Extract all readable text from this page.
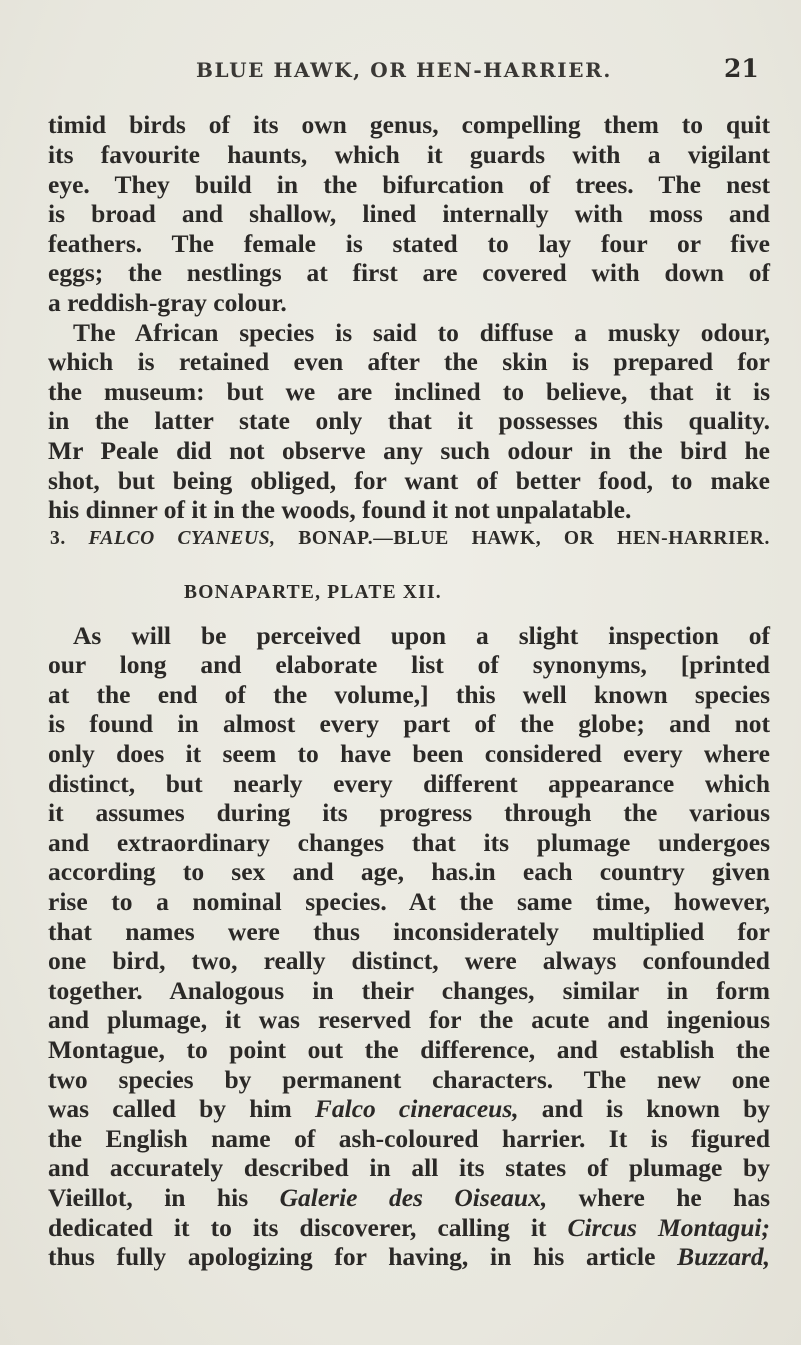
BLUE HAWK, OR HEN-HARRIER.	21
timid birds of its own genus, compelling them to quit
its favourite haunts, which it guards with a vigilant
eye. They build in the bifurcation of trees. The nest
is broad and shallow, lined internally with moss and
feathers. The female is stated to lay four or five
eggs; the nestlings at first are covered with down of
a reddish-gray colour.
The African species is said to diffuse a musky odour,
which is retained even after the skin is prepared for
the museum: but we are inclined to believe, that it is
in the latter state only that it possesses this quality.
Mr Peale did not observe any such odour in the bird he
shot, but being obliged, for want of better food, to make
his dinner of it in the woods, found it not unpalatable.
3. FALCO CYANEUS, BONAP.—BLUE HAWK, OR HEN-HARRIER.
BONAPARTE, PLATE XII.
As will be perceived upon a slight inspection of
our long and elaborate list of synonyms, [printed
at the end of the volume,] this well known species
is found in almost every part of the globe; and not
only does it seem to have been considered every where
distinct, but nearly every different appearance which
it assumes during its progress through the various
and extraordinary changes that its plumage undergoes
according to sex and age, has.in each country given
rise to a nominal species. At the same time, however,
that names were thus inconsiderately multiplied for
one bird, two, really distinct, were always confounded
together. Analogous in their changes, similar in form
and plumage, it was reserved for the acute and ingenious
Montague, to point out the difference, and establish the
two species by permanent characters. The new one
was called by him Falco cineraceus, and is known by
the English name of ash-coloured harrier. It is figured
and accurately described in all its states of plumage by
Vieillot, in his Galerie des Oiseaux, where he has
dedicated it to its discoverer, calling it Circus Montagui;
thus fully apologizing for having, in his article Buzzard,
